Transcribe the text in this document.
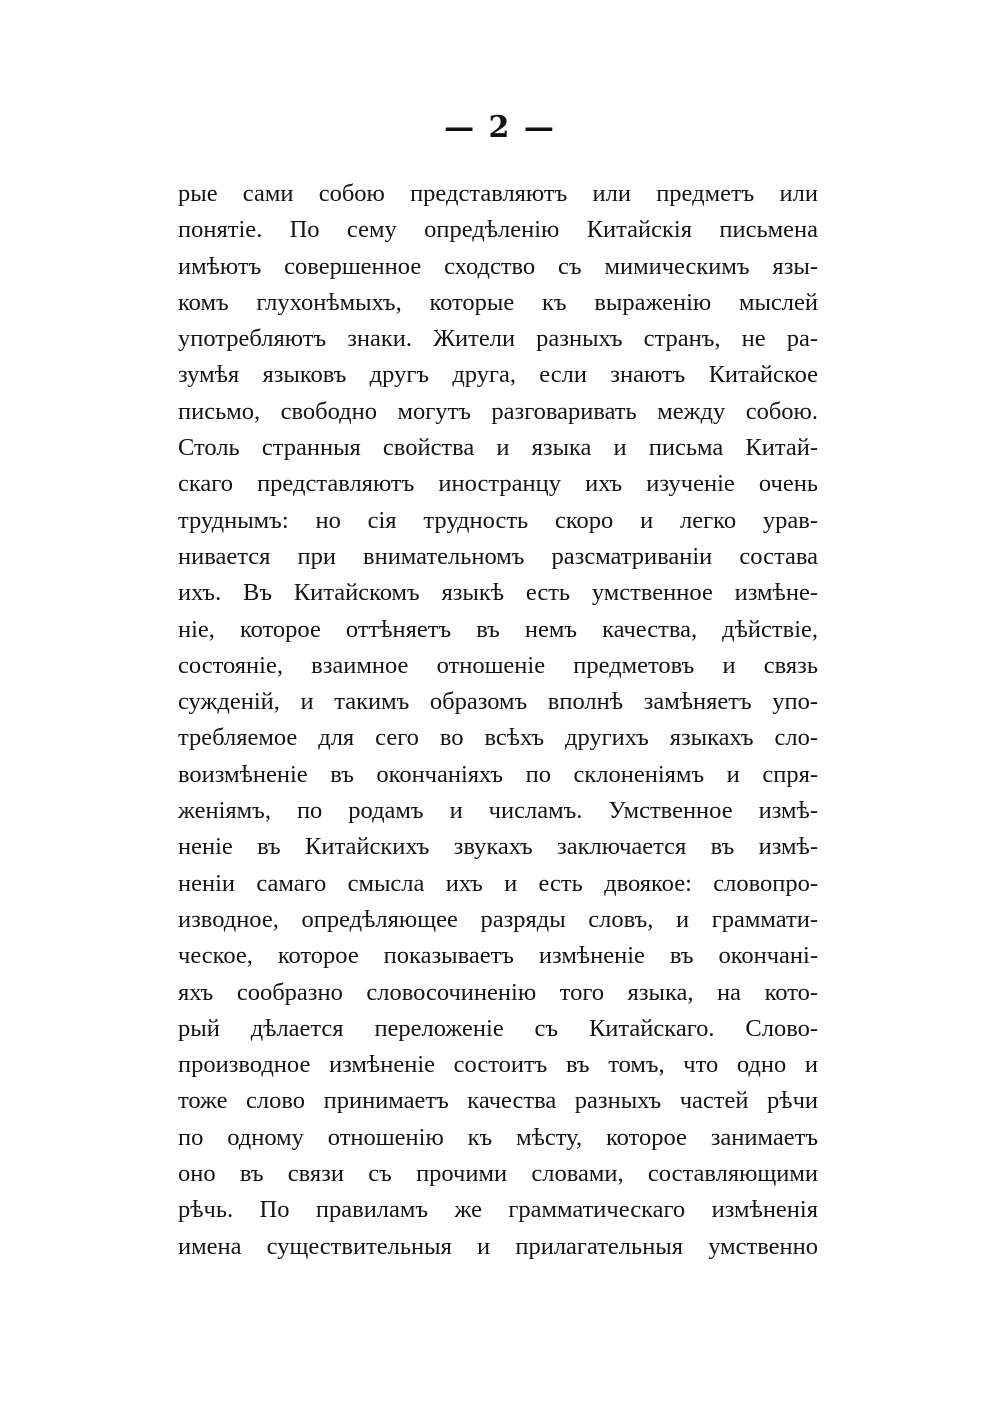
— 2 —
рые сами собою представляютъ или предметъ или
понятіе. По сему опредѣленію Китайскія письмена
имѣютъ совершенное сходство съ мимическимъ язы-
комъ глухонѣмыхъ, которые къ выраженію мыслей
употребляютъ знаки. Жители разныхъ странъ, не ра-
зумѣя языковъ другъ друга, если знаютъ Китайское
письмо, свободно могутъ разговаривать между собою.
Столь странныя свойства и языка и письма Китай-
скаго представляютъ иностранцу ихъ изученіе очень
труднымъ: но сія трудность скоро и легко урав-
нивается при внимательномъ разсматриваніи состава
ихъ. Въ Китайскомъ языкѣ есть умственное измѣне-
ніе, которое оттѣняетъ въ немъ качества, дѣйствіе,
состояніе, взаимное отношеніе предметовъ и связь
сужденій, и такимъ образомъ вполнѣ замѣняетъ упо-
требляемое для сего во всѣхъ другихъ языкахъ сло-
воизмѣненіе въ окончаніяхъ по склоненіямъ и спря-
женіямъ, по родамъ и числамъ. Умственное измѣ-
неніе въ Китайскихъ звукахъ заключается въ измѣ-
неніи самаго смысла ихъ и есть двоякое: словопро-
изводное, опредѣляющее разряды словъ, и граммати-
ческое, которое показываетъ измѣненіе въ окончані-
яхъ сообразно словосочиненію того языка, на кото-
рый дѣлается переложеніе съ Китайскаго. Слово-
производное измѣненіе состоитъ въ томъ, что одно и
тоже слово принимаетъ качества разныхъ частей рѣчи
по одному отношенію къ мѣсту, которое занимаетъ
оно въ связи съ прочими словами, составляющими
рѣчь. По правиламъ же грамматическаго измѣненія
имена существительныя и прилагательныя умственно
